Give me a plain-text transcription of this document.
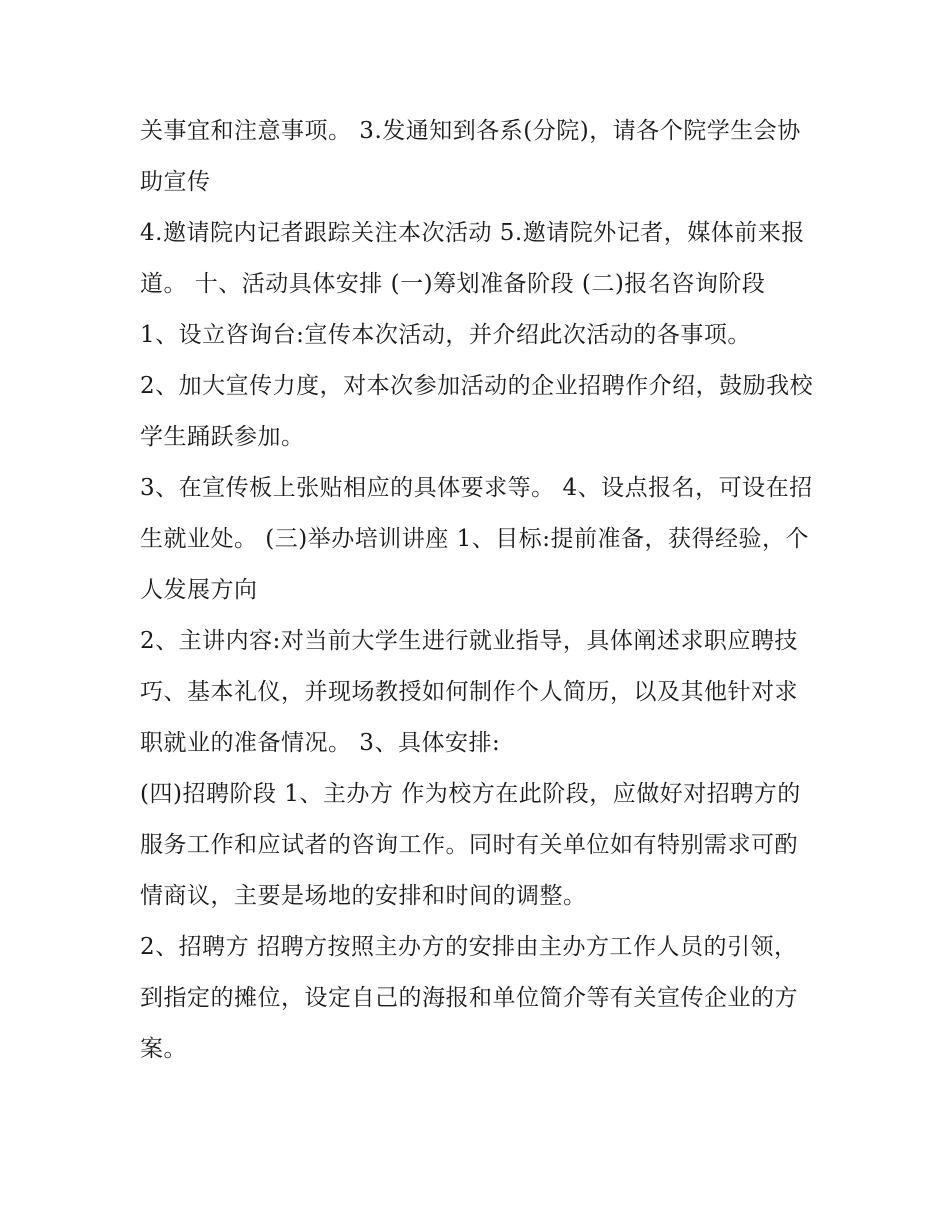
关事宜和注意事项。 3.发通知到各系(分院)，请各个院学生会协助宣传

4.邀请院内记者跟踪关注本次活动 5.邀请院外记者，媒体前来报道。 十、活动具体安排 (一)筹划准备阶段 (二)报名咨询阶段

1、设立咨询台:宣传本次活动，并介绍此次活动的各事项。

2、加大宣传力度，对本次参加活动的企业招聘作介绍，鼓励我校学生踊跃参加。

3、在宣传板上张贴相应的具体要求等。 4、设点报名，可设在招生就业处。 (三)举办培训讲座 1、目标:提前准备，获得经验，个人发展方向

2、主讲内容:对当前大学生进行就业指导，具体阐述求职应聘技巧、基本礼仪，并现场教授如何制作个人简历，以及其他针对求职就业的准备情况。 3、具体安排:

(四)招聘阶段 1、主办方 作为校方在此阶段，应做好对招聘方的服务工作和应试者的咨询工作。同时有关单位如有特别需求可酌情商议，主要是场地的安排和时间的调整。

2、招聘方 招聘方按照主办方的安排由主办方工作人员的引领，到指定的摊位，设定自己的海报和单位简介等有关宣传企业的方案。
